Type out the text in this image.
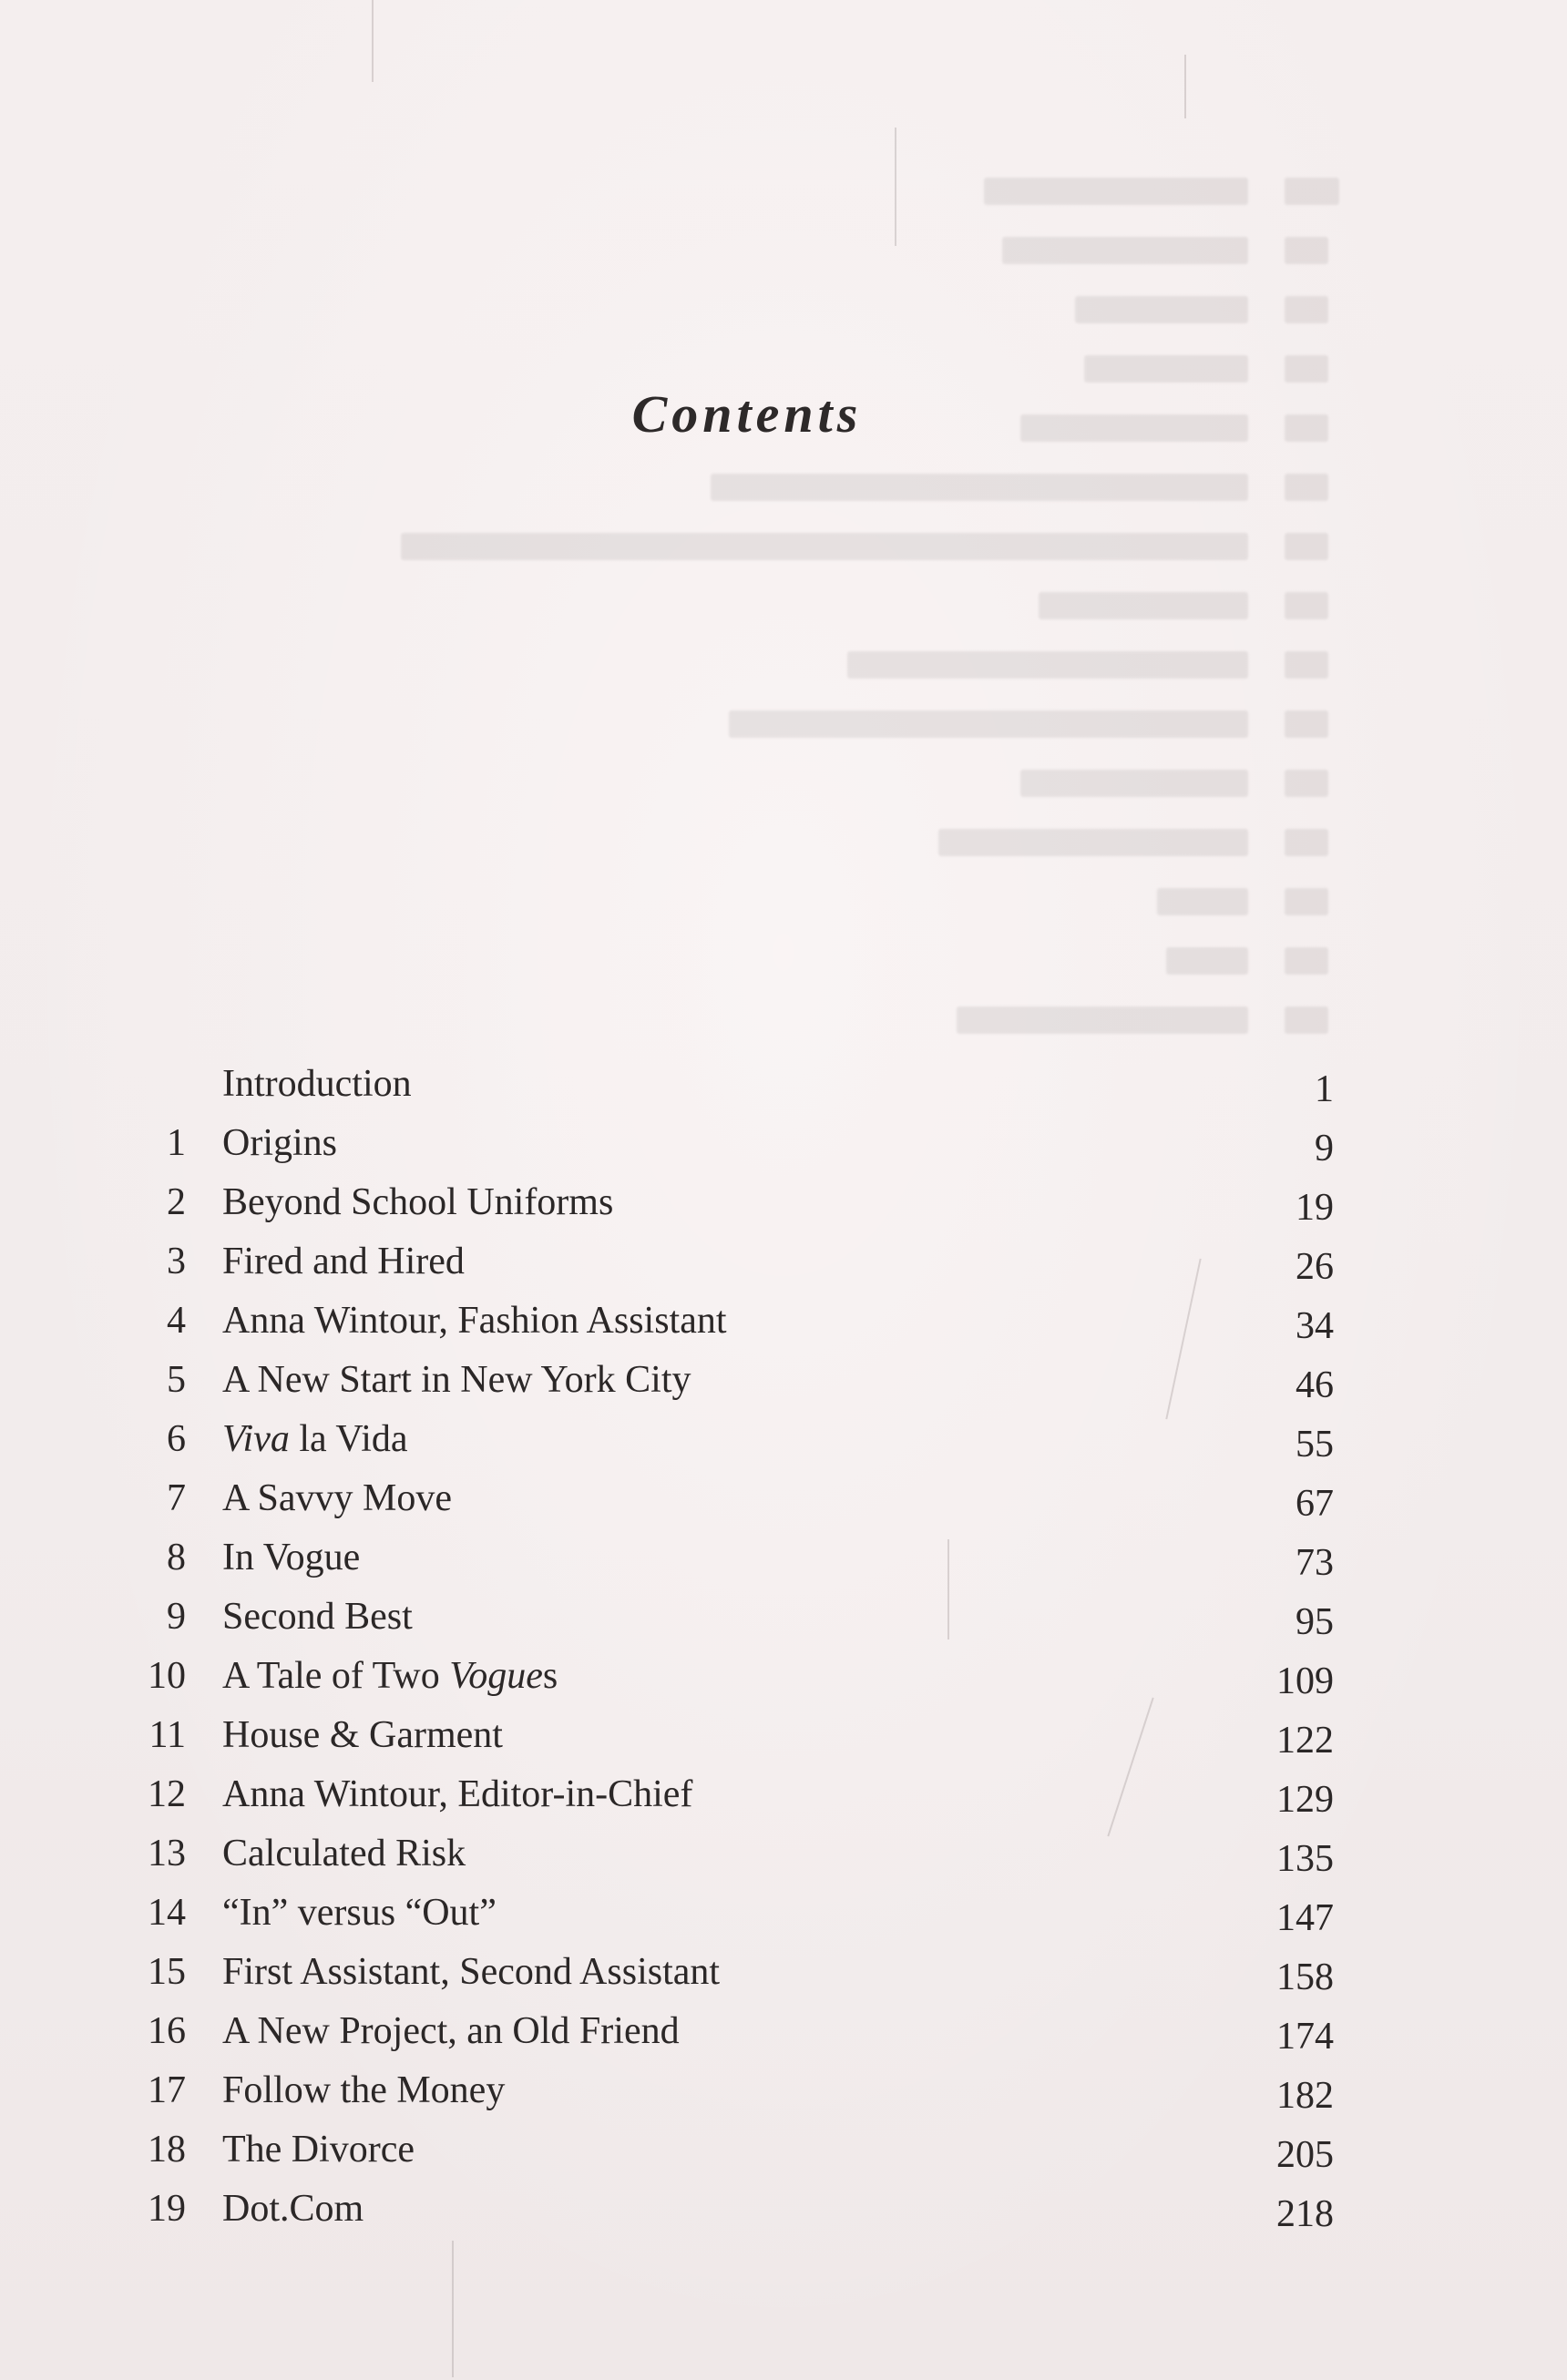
Contents
Introduction	1
1 Origins	9
2 Beyond School Uniforms	19
3 Fired and Hired	26
4 Anna Wintour, Fashion Assistant	34
5 A New Start in New York City	46
6 Viva la Vida	55
7 A Savvy Move	67
8 In Vogue	73
9 Second Best	95
10 A Tale of Two Vogues	109
11 House & Garment	122
12 Anna Wintour, Editor-in-Chief	129
13 Calculated Risk	135
14 “In” versus “Out”	147
15 First Assistant, Second Assistant	158
16 A New Project, an Old Friend	174
17 Follow the Money	182
18 The Divorce	205
19 Dot.Com	218
